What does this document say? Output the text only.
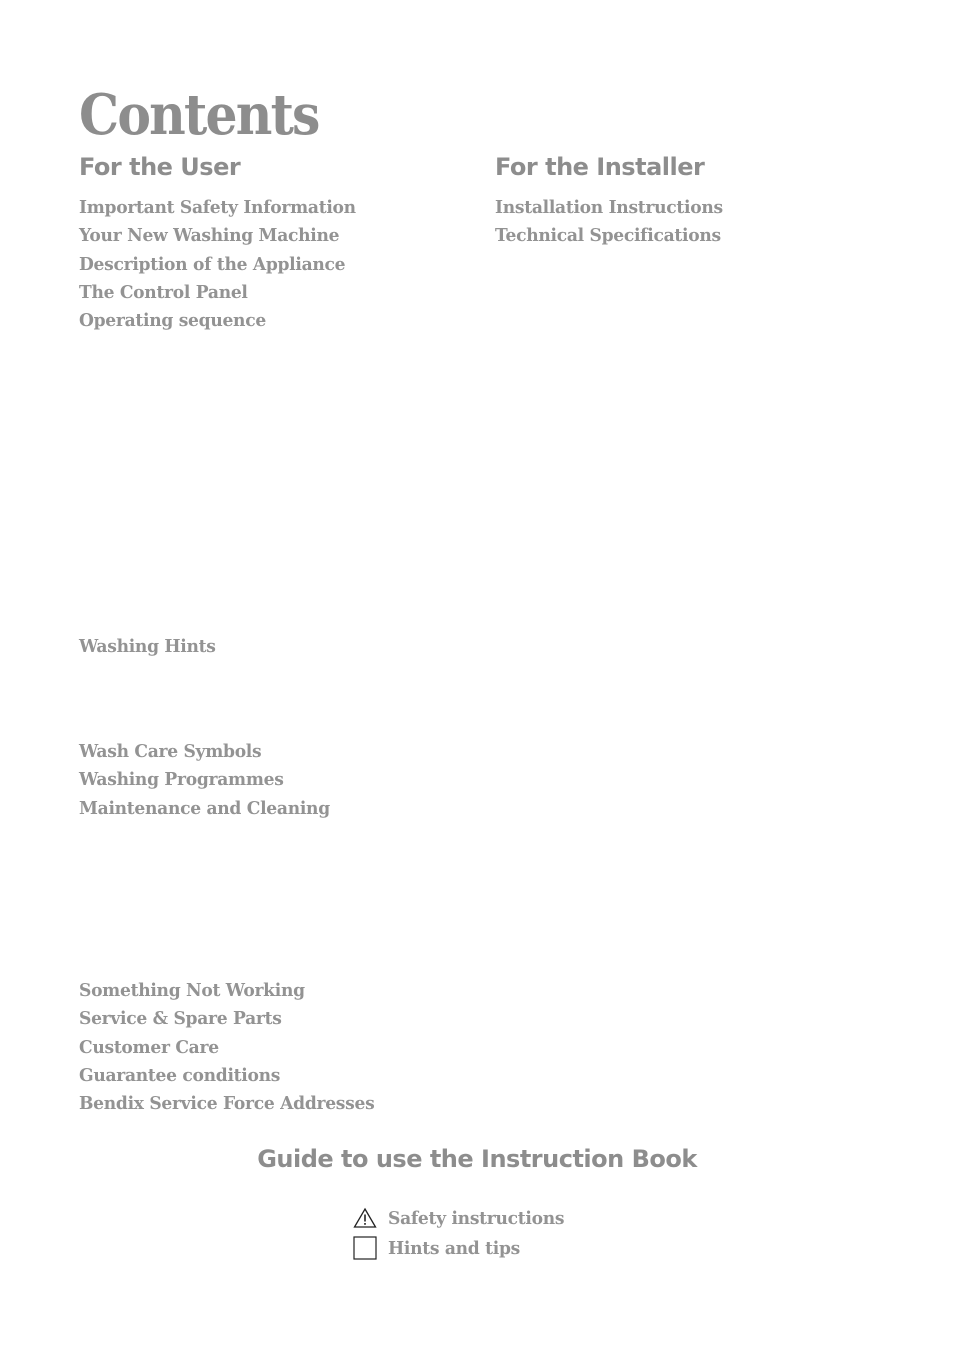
Contents
For the User	For the Installer
Important Safety Information
Your New Washing Machine
Description of the Appliance
The Control Panel
Operating sequence
Washing Hints
Wash Care Symbols
Washing Programmes
Maintenance and Cleaning
Something Not Working
Service & Spare Parts
Customer Care
Guarantee conditions
Bendix Service Force Addresses
Installation Instructions
Technical Specifications
Guide to use the Instruction Book
Safety instructions
Hints and tips
